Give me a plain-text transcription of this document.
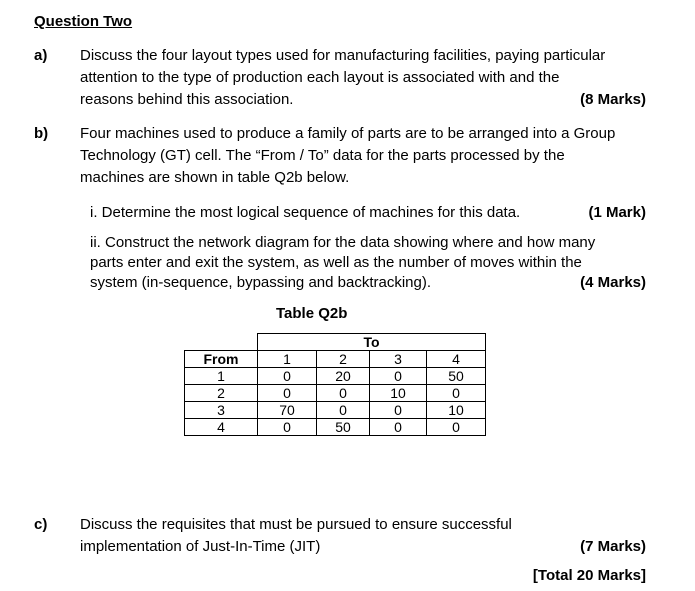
Question Two
a) Discuss the four layout types used for manufacturing facilities, paying particular
attention to the type of production each layout is associated with and the
reasons behind this association.	(8 Marks)
b) Four machines used to produce a family of parts are to be arranged into a Group
Technology (GT) cell. The “From / To” data for the parts processed by the
machines are shown in table Q2b below.
i. Determine the most logical sequence of machines for this data.	(1 Mark)
ii. Construct the network diagram for the data showing where and how many
parts enter and exit the system, as well as the number of moves within the
system (in-sequence, bypassing and backtracking).	(4 Marks)
Table Q2b
	To			
From	1	2	3	4
1	0	20	0	50
2	0	0	10	0
3	70	0	0	10
4	0	50	0	0
c) Discuss the requisites that must be pursued to ensure successful
implementation of Just-In-Time (JIT)	(7 Marks)
[Total 20 Marks]
